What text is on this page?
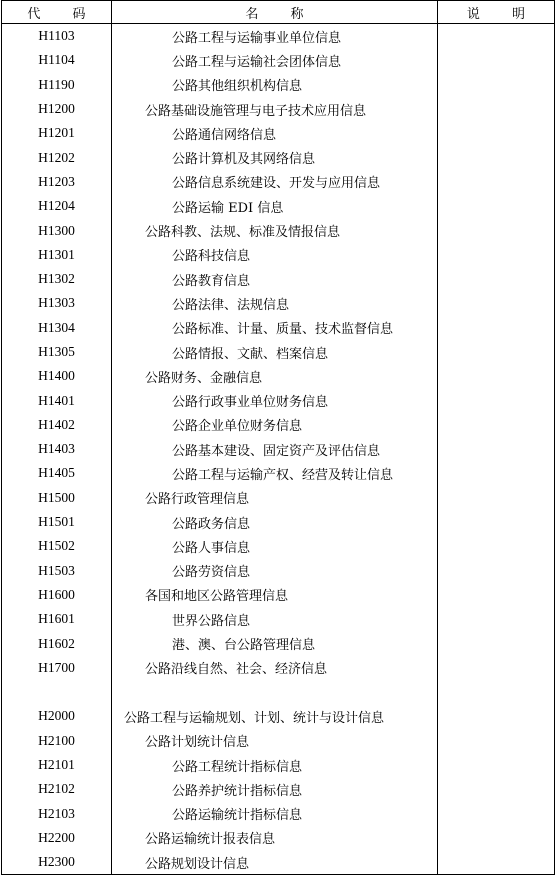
代 码	名 称	说 明
H1103	公路工程与运输事业单位信息	
H1104	公路工程与运输社会团体信息	
H1190	公路其他组织机构信息	
H1200	公路基础设施管理与电子技术应用信息	
H1201	公路通信网络信息	
H1202	公路计算机及其网络信息	
H1203	公路信息系统建设、开发与应用信息	
H1204	公路运输 EDI 信息	
H1300	公路科教、法规、标准及情报信息	
H1301	公路科技信息	
H1302	公路教育信息	
H1303	公路法律、法规信息	
H1304	公路标准、计量、质量、技术监督信息	
H1305	公路情报、文献、档案信息	
H1400	公路财务、金融信息	
H1401	公路行政事业单位财务信息	
H1402	公路企业单位财务信息	
H1403	公路基本建设、固定资产及评估信息	
H1405	公路工程与运输产权、经营及转让信息	
H1500	公路行政管理信息	
H1501	公路政务信息	
H1502	公路人事信息	
H1503	公路劳资信息	
H1600	各国和地区公路管理信息	
H1601	世界公路信息	
H1602	港、澳、台公路管理信息	
H1700	公路沿线自然、社会、经济信息	

H2000	公路工程与运输规划、计划、统计与设计信息	
H2100	公路计划统计信息	
H2101	公路工程统计指标信息	
H2102	公路养护统计指标信息	
H2103	公路运输统计指标信息	
H2200	公路运输统计报表信息	
H2300	公路规划设计信息	
